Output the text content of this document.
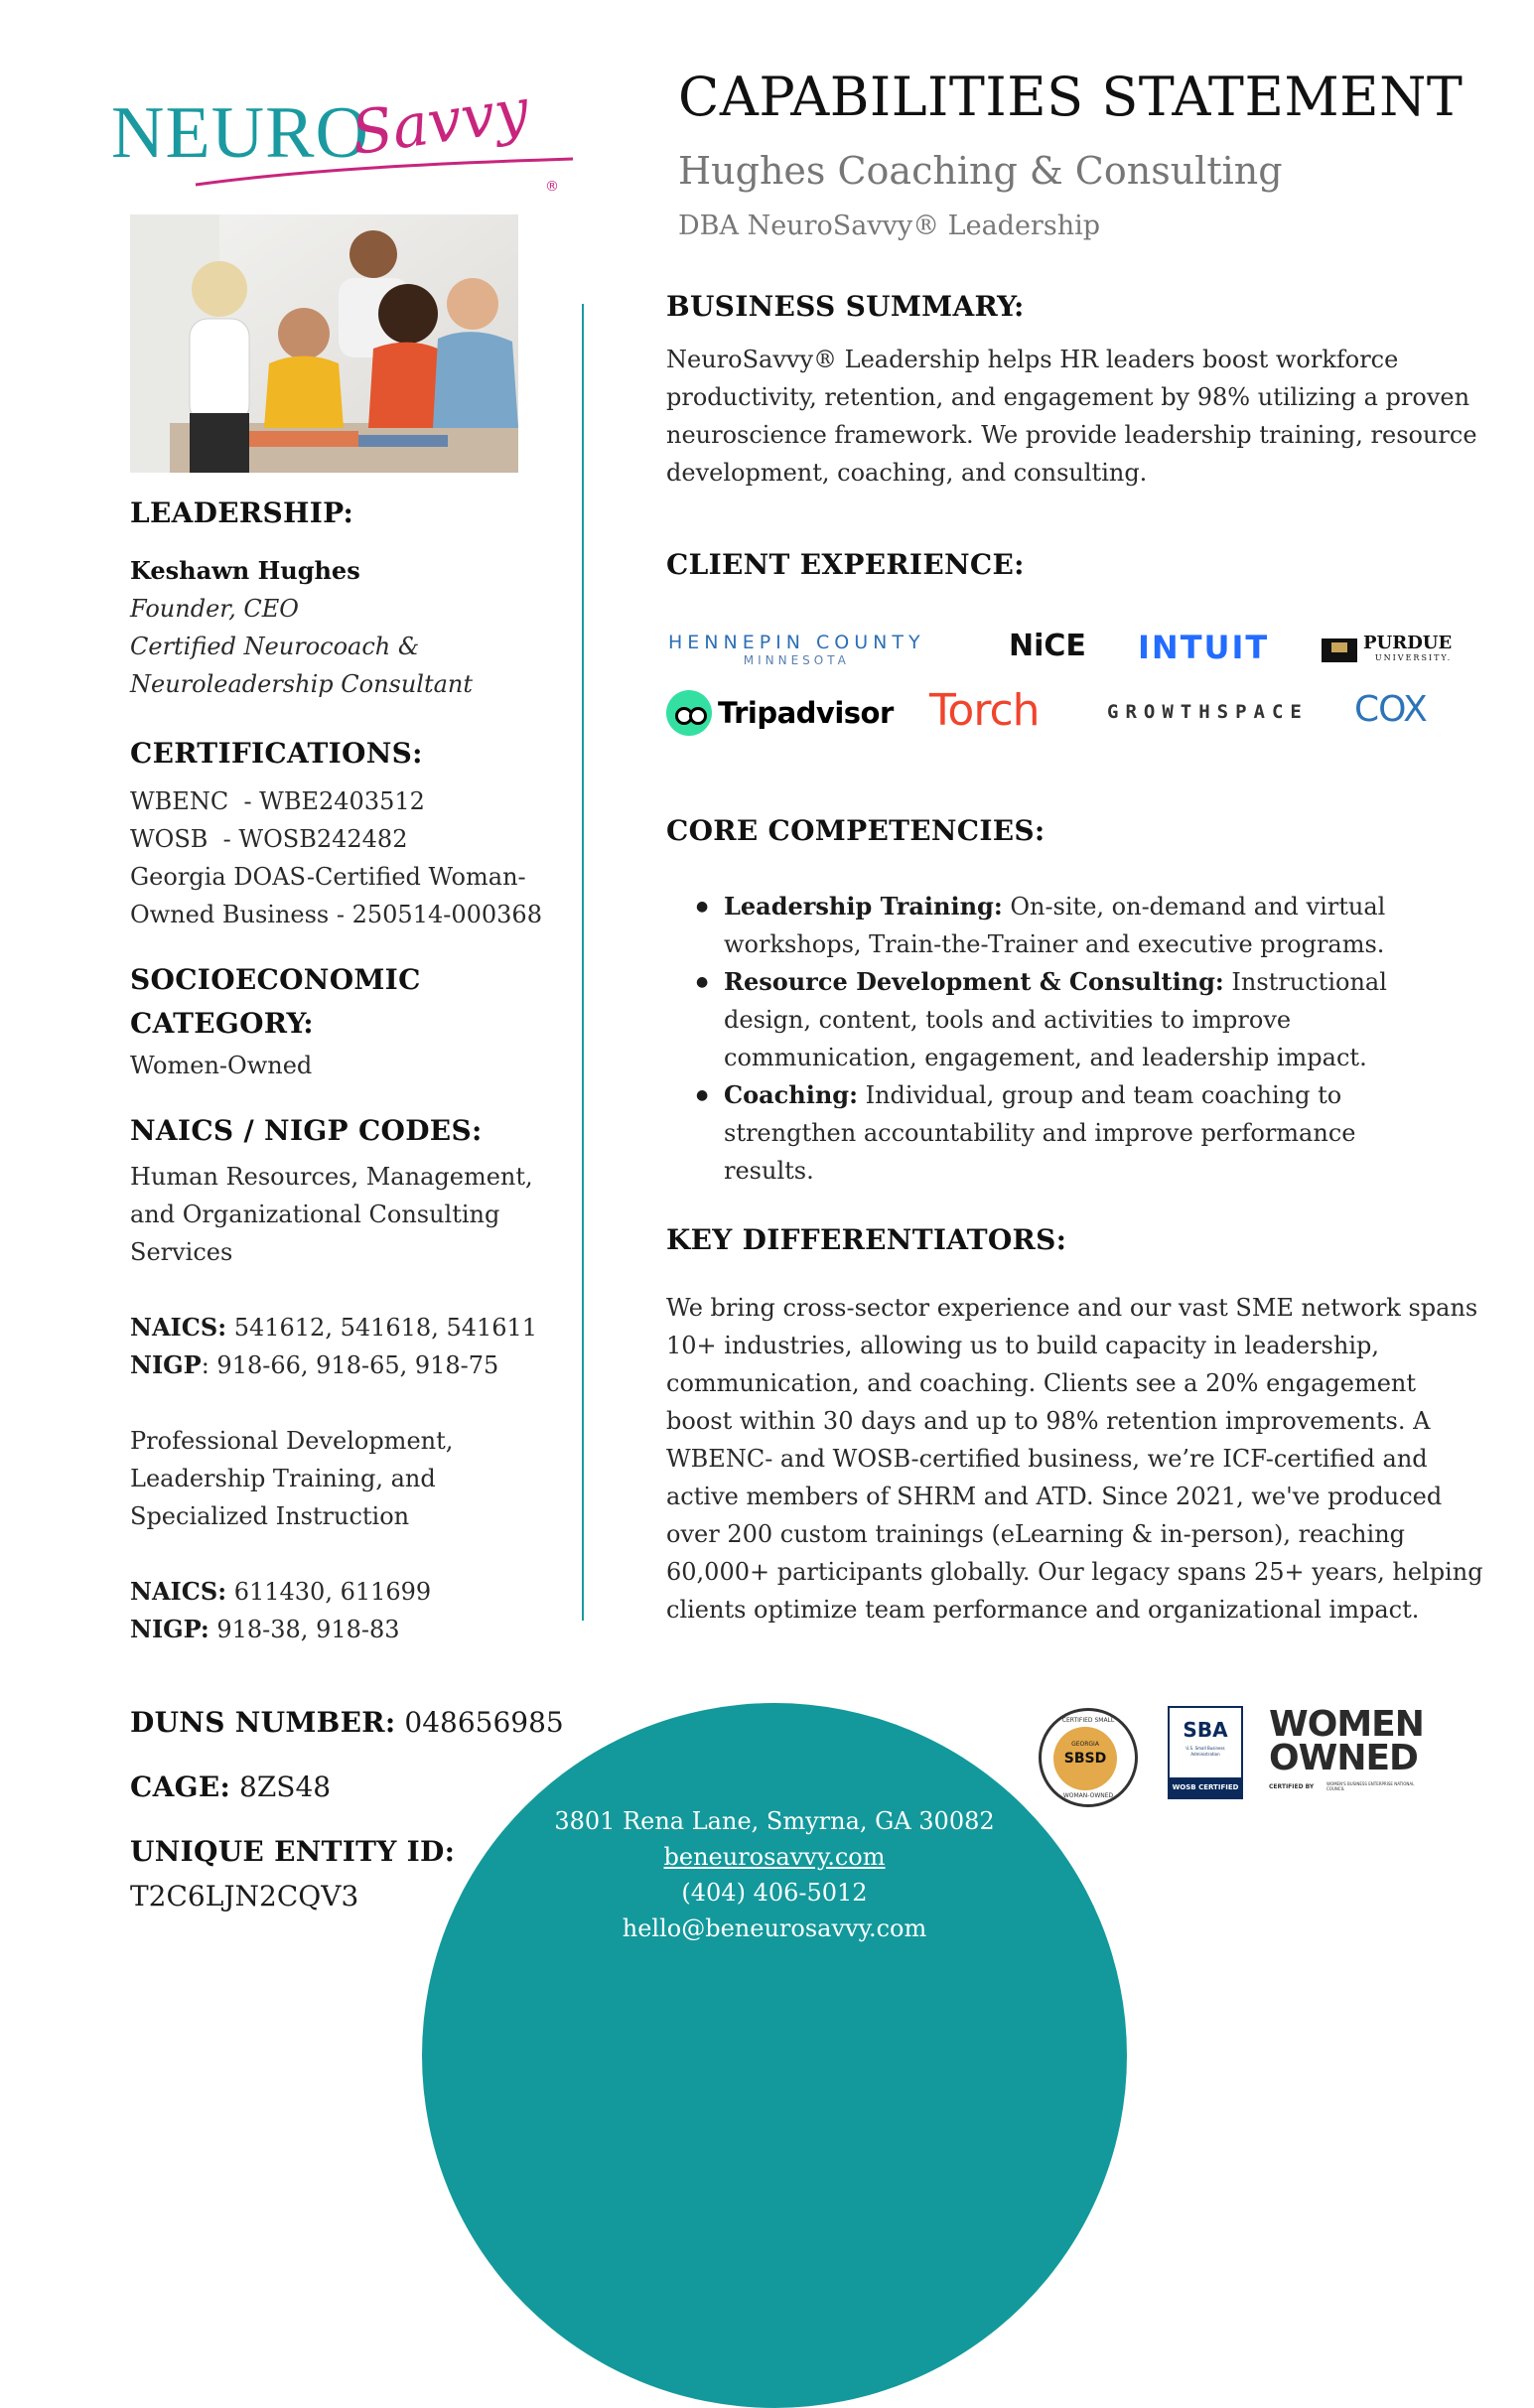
NEURO
Savvy
®
LEADERSHIP:
Keshawn Hughes
Founder, CEO
Certified Neurocoach &
Neuroleadership Consultant
CERTIFICATIONS:
WBENC  - WBE2403512
WOSB  - WOSB242482
Georgia DOAS-Certified Woman-
Owned Business - 250514-000368
SOCIOECONOMIC
CATEGORY:
Women-Owned
NAICS / NIGP CODES:
Human Resources, Management,
and Organizational Consulting
Services
NAICS: 541612, 541618, 541611
NIGP: 918-66, 918-65, 918-75
Professional Development,
Leadership Training, and
Specialized Instruction
NAICS: 611430, 611699
NIGP: 918-38, 918-83
DUNS NUMBER: 048656985
CAGE: 8ZS48
UNIQUE ENTITY ID:
T2C6LJN2CQV3
CAPABILITIES STATEMENT
Hughes Coaching & Consulting
DBA NeuroSavvy® Leadership
BUSINESS SUMMARY:
NeuroSavvy® Leadership helps HR leaders boost workforce
productivity, retention, and engagement by 98% utilizing a proven
neuroscience framework. We provide leadership training, resource
development, coaching, and consulting.
CLIENT EXPERIENCE:
HENNEPIN COUNTY
MINNESOTA	NiCE INTUIT	PURDUE
UNIVERSITY.
Tripadvisor Torch	GROWTHSPACE COX
CORE COMPETENCIES:
● Leadership Training: On-site, on-demand and virtual
workshops, Train-the-Trainer and executive programs.
● Resource Development & Consulting: Instructional
design, content, tools and activities to improve
communication, engagement, and leadership impact.
● Coaching: Individual, group and team coaching to
strengthen accountability and improve performance results.
KEY DIFFERENTIATORS:
We bring cross-sector experience and our vast SME network spans
10+ industries, allowing us to build capacity in leadership,
communication, and coaching. Clients see a 20% engagement
boost within 30 days and up to 98% retention improvements. A
WBENC- and WOSB-certified business, we’re ICF-certified and
active members of SHRM and ATD. Since 2021, we've produced
over 200 custom trainings (eLearning & in-person), reaching
60,000+ participants globally. Our legacy spans 25+ years, helping
clients optimize team performance and organizational impact.
3801 Rena Lane, Smyrna, GA 30082
beneurosavvy.com
(404) 406-5012
hello@beneurosavvy.com
CERTIFIED SMALL
GEORGIA
SBSD
WOMAN-OWNED
SBA
U.S. Small Business Administration
WOSB CERTIFIED
WOMEN
OWNED
CERTIFIED BY	WOMEN'S BUSINESS ENTERPRISE NATIONAL COUNCIL
